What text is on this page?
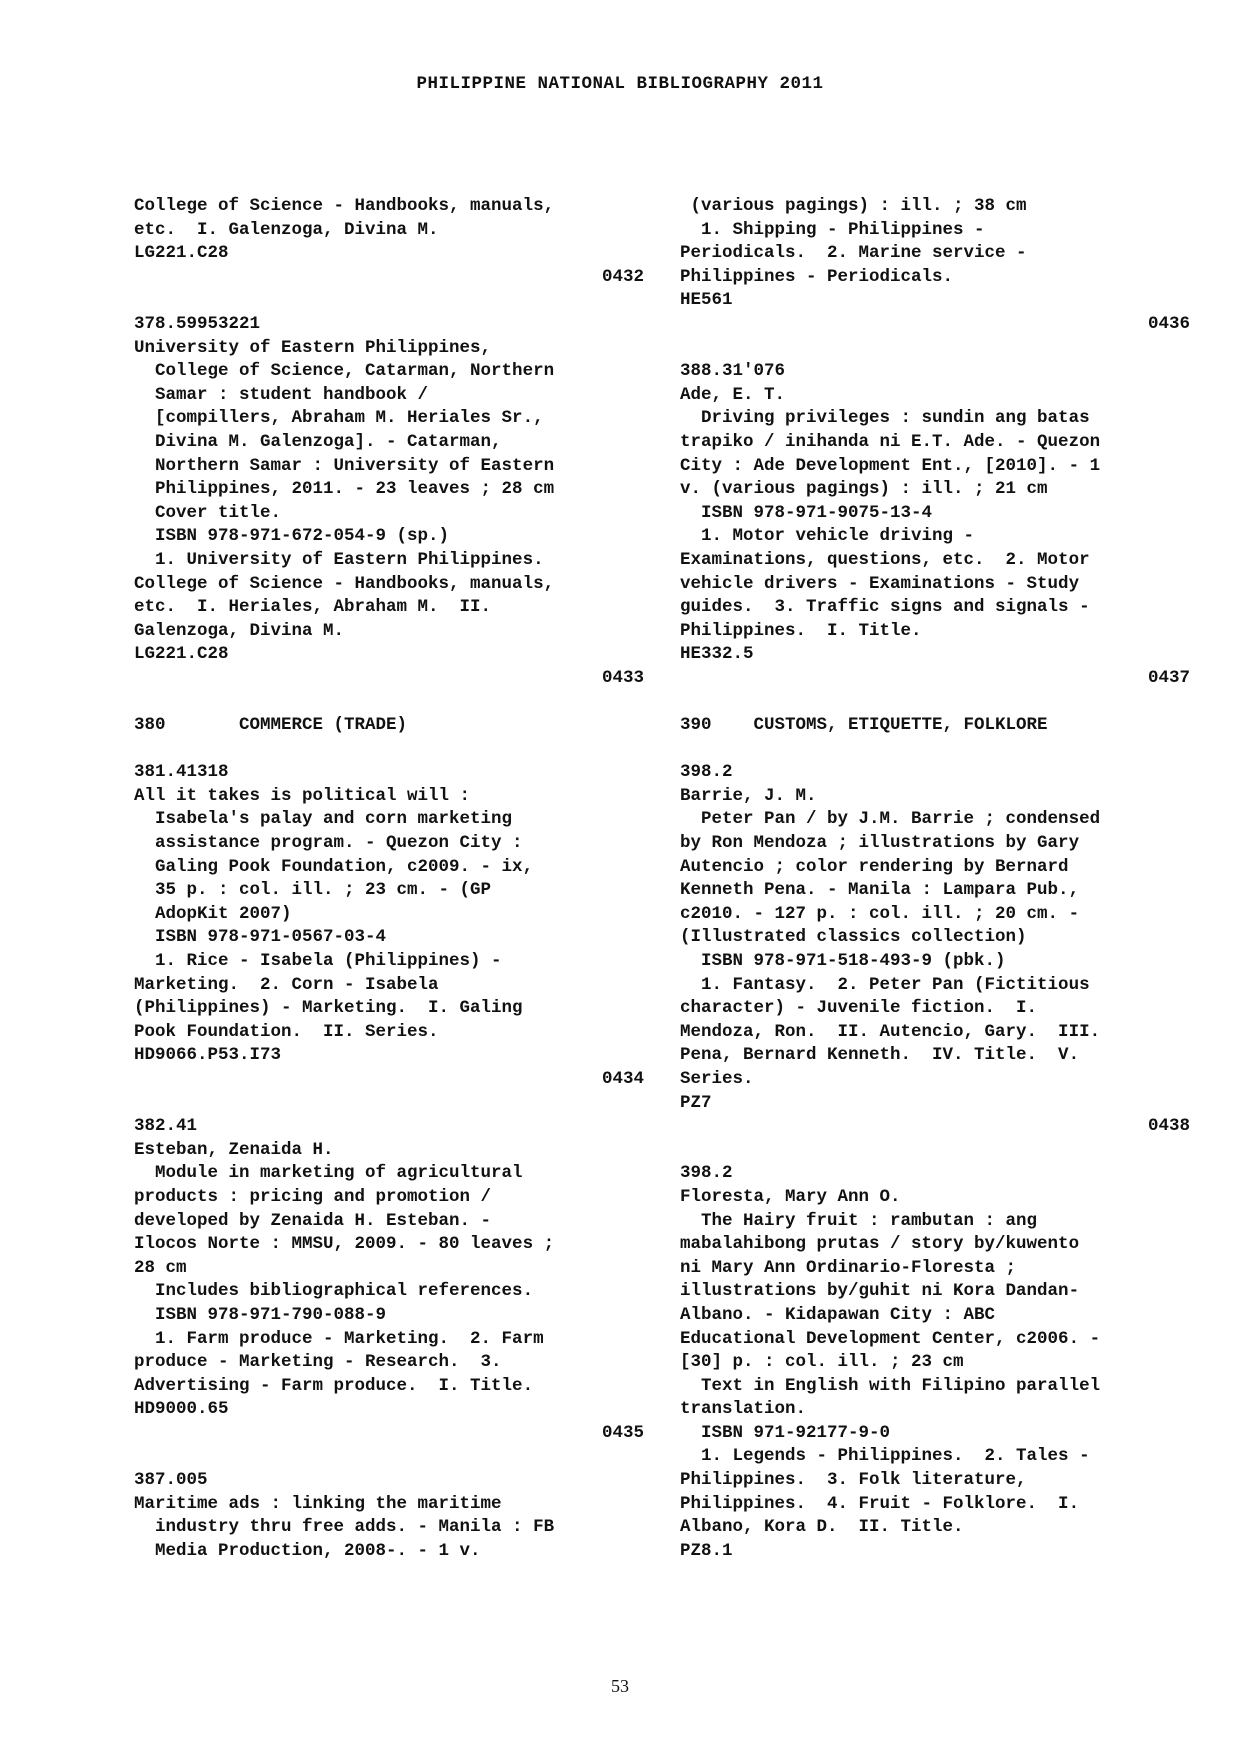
PHILIPPINE NATIONAL BIBLIOGRAPHY 2011
College of Science - Handbooks, manuals,
etc.  I. Galenzoga, Divina M.
LG221.C28
0432
378.59953221
University of Eastern Philippines,
College of Science, Catarman, Northern
Samar : student handbook /
[compillers, Abraham M. Heriales Sr.,
Divina M. Galenzoga]. - Catarman,
Northern Samar : University of Eastern
Philippines, 2011. - 23 leaves ; 28 cm
Cover title.
ISBN 978-971-672-054-9 (sp.)
1. University of Eastern Philippines.
College of Science - Handbooks, manuals,
etc.  I. Heriales, Abraham M.  II.
Galenzoga, Divina M.
LG221.C28
0433
380       COMMERCE (TRADE)
381.41318
All it takes is political will :
Isabela's palay and corn marketing
assistance program. - Quezon City :
Galing Pook Foundation, c2009. - ix,
35 p. : col. ill. ; 23 cm. - (GP
AdopKit 2007)
ISBN 978-971-0567-03-4
1. Rice - Isabela (Philippines) -
Marketing.  2. Corn - Isabela
(Philippines) - Marketing.  I. Galing
Pook Foundation.  II. Series.
HD9066.P53.I73
0434
382.41
Esteban, Zenaida H.
Module in marketing of agricultural
products : pricing and promotion /
developed by Zenaida H. Esteban. -
Ilocos Norte : MMSU, 2009. - 80 leaves ;
28 cm
Includes bibliographical references.
ISBN 978-971-790-088-9
1. Farm produce - Marketing.  2. Farm
produce - Marketing - Research.  3.
Advertising - Farm produce.  I. Title.
HD9000.65
0435
387.005
Maritime ads : linking the maritime
industry thru free adds. - Manila : FB
Media Production, 2008-. - 1 v.
(various pagings) : ill. ; 38 cm
1. Shipping - Philippines -
Periodicals.  2. Marine service -
Philippines - Periodicals.
HE561
0436
388.31'076
Ade, E. T.
Driving privileges : sundin ang batas
trapiko / inihanda ni E.T. Ade. - Quezon
City : Ade Development Ent., [2010]. - 1
v. (various pagings) : ill. ; 21 cm
ISBN 978-971-9075-13-4
1. Motor vehicle driving -
Examinations, questions, etc.  2. Motor
vehicle drivers - Examinations - Study
guides.  3. Traffic signs and signals -
Philippines.  I. Title.
HE332.5
0437
390    CUSTOMS, ETIQUETTE, FOLKLORE
398.2
Barrie, J. M.
Peter Pan / by J.M. Barrie ; condensed
by Ron Mendoza ; illustrations by Gary
Autencio ; color rendering by Bernard
Kenneth Pena. - Manila : Lampara Pub.,
c2010. - 127 p. : col. ill. ; 20 cm. -
(Illustrated classics collection)
ISBN 978-971-518-493-9 (pbk.)
1. Fantasy.  2. Peter Pan (Fictitious
character) - Juvenile fiction.  I.
Mendoza, Ron.  II. Autencio, Gary.  III.
Pena, Bernard Kenneth.  IV. Title.  V.
Series.
PZ7
0438
398.2
Floresta, Mary Ann O.
The Hairy fruit : rambutan : ang
mabalahibong prutas / story by/kuwento
ni Mary Ann Ordinario-Floresta ;
illustrations by/guhit ni Kora Dandan-
Albano. - Kidapawan City : ABC
Educational Development Center, c2006. -
[30] p. : col. ill. ; 23 cm
Text in English with Filipino parallel
translation.
ISBN 971-92177-9-0
1. Legends - Philippines.  2. Tales -
Philippines.  3. Folk literature,
Philippines.  4. Fruit - Folklore.  I.
Albano, Kora D.  II. Title.
PZ8.1
53
